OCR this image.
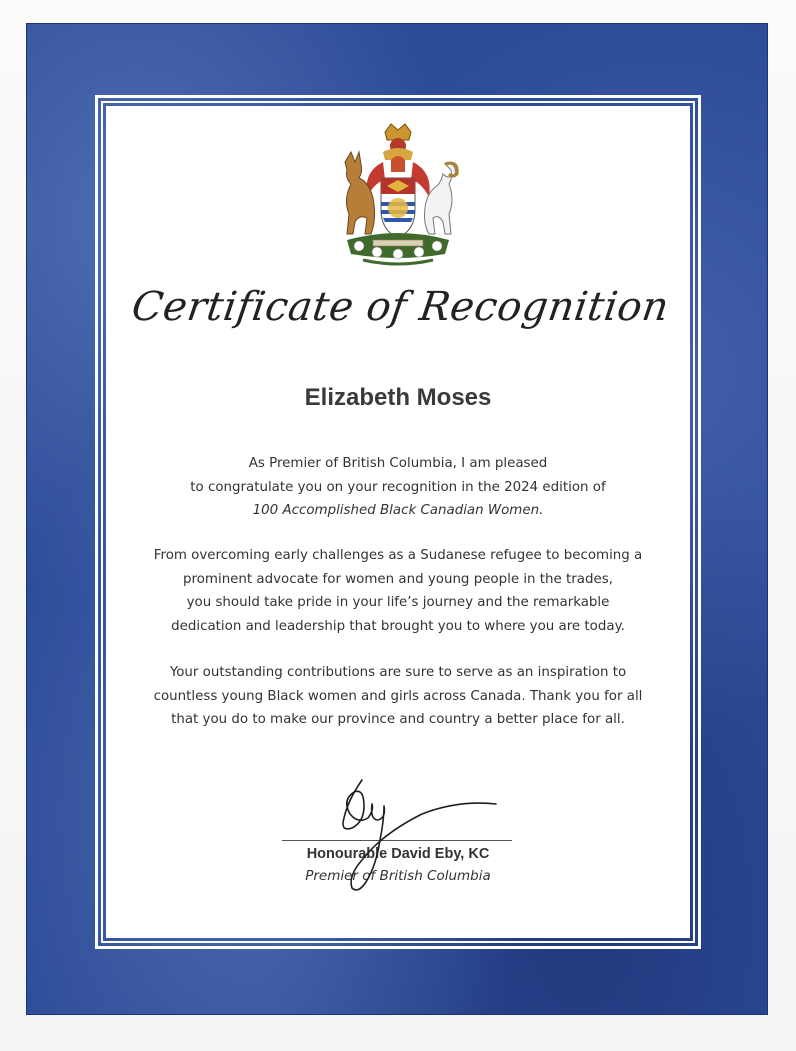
Certificate of Recognition
Elizabeth Moses
As Premier of British Columbia, I am pleased
to congratulate you on your recognition in the 2024 edition of
100 Accomplished Black Canadian Women.
From overcoming early challenges as a Sudanese refugee to becoming a
prominent advocate for women and young people in the trades,
you should take pride in your life’s journey and the remarkable
dedication and leadership that brought you to where you are today.
Your outstanding contributions are sure to serve as an inspiration to
countless young Black women and girls across Canada. Thank you for all
that you do to make our province and country a better place for all.
Honourable David Eby, KC
Premier of British Columbia
